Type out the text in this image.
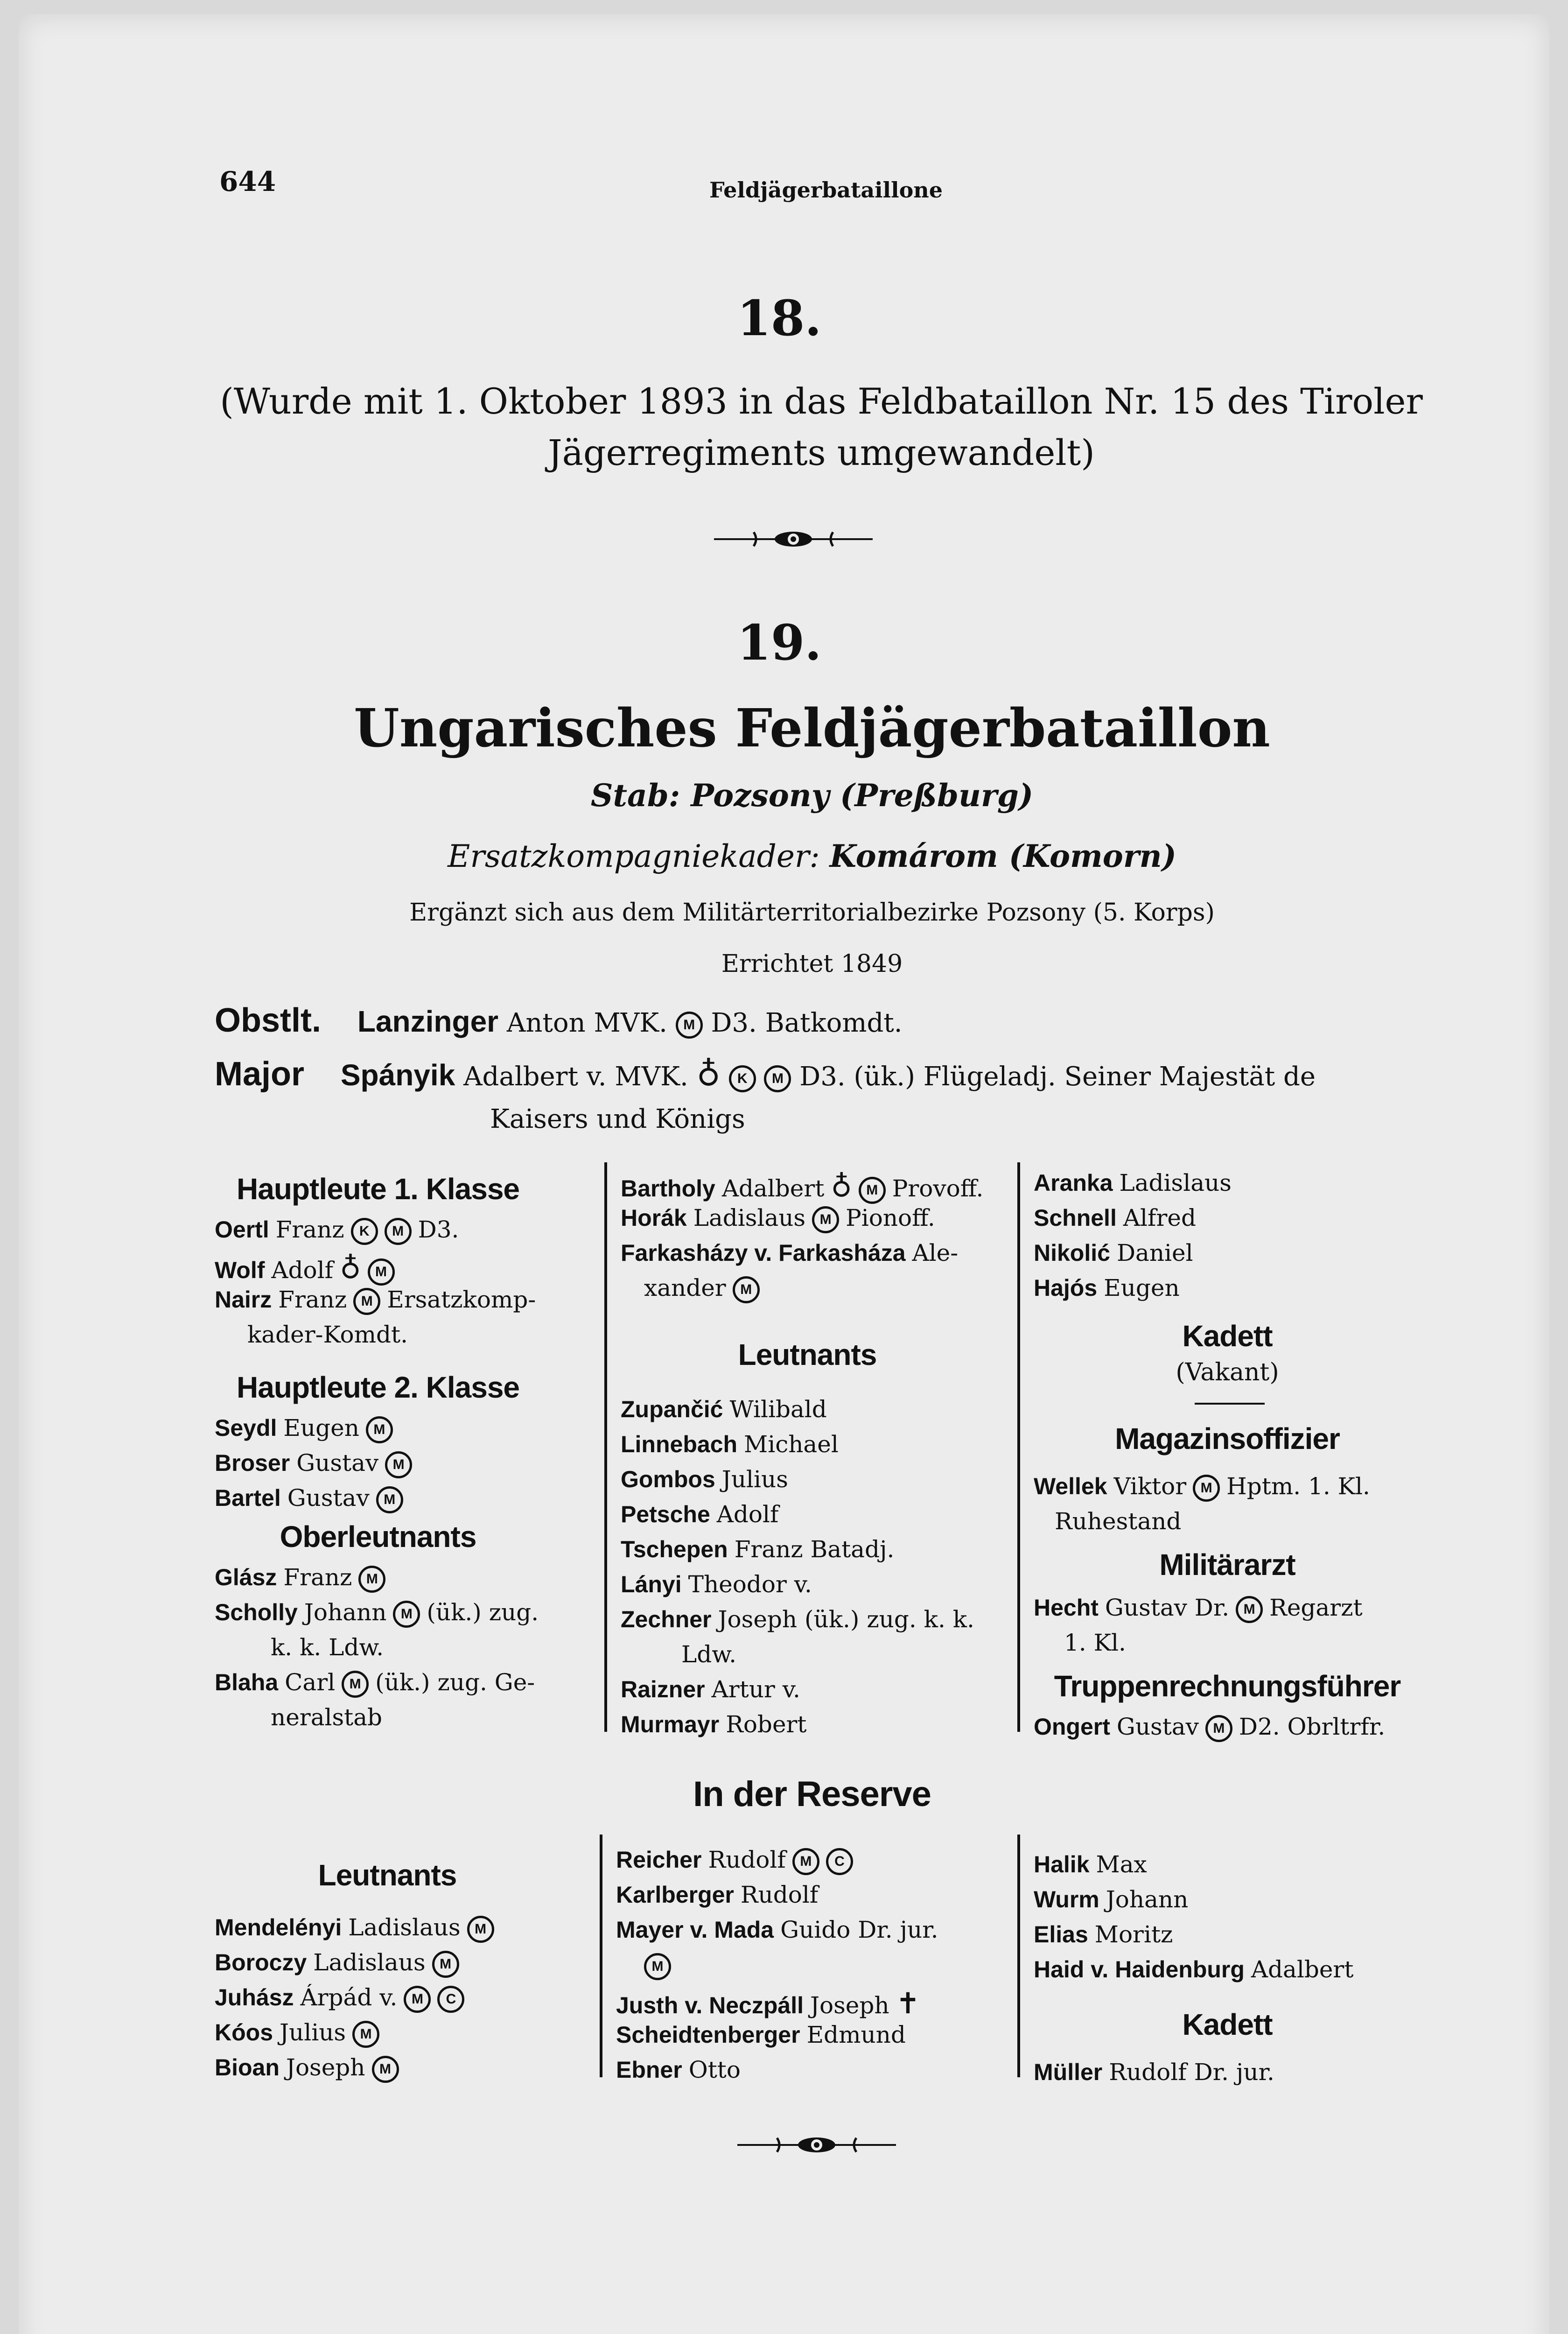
644	Feldjägerbataillone
18.
(Wurde mit 1. Oktober 1893 in das Feldbataillon Nr. 15 des Tiroler
Jägerregiments umgewandelt)
19.
Ungarisches Feldjägerbataillon
Stab: Pozsony (Preßburg)
Ersatzkompagniekader: Komárom (Komorn)
Ergänzt sich aus dem Militärterritorialbezirke Pozsony (5. Korps)
Errichtet 1849
Obstlt. Lanzinger Anton MVK. M D3. Batkomdt.
Major Spányik Adalbert v. MVK. ♁ K M D3. (ük.) Flügeladj. Seiner Majestät de
Kaisers und Königs
Hauptleute 1. Klasse
Oertl Franz K M D3.
Wolf Adolf ♁ M
Nairz Franz M Ersatzkomp-
kader-Komdt.
Hauptleute 2. Klasse
Seydl Eugen M
Broser Gustav M
Bartel Gustav M
Oberleutnants
Glász Franz M
Scholly Johann M (ük.) zug.
k. k. Ldw.
Blaha Carl M (ük.) zug. Ge-
neralstab
Bartholy Adalbert ♁ M Provoff.
Horák Ladislaus M Pionoff.
Farkasházy v. Farkasháza Ale-
xander M
Leutnants
Zupančić Wilibald
Linnebach Michael
Gombos Julius
Petsche Adolf
Tschepen Franz Batadj.
Lányi Theodor v.
Zechner Joseph (ük.) zug. k. k.
Ldw.
Raizner Artur v.
Murmayr Robert
Aranka Ladislaus
Schnell Alfred
Nikolić Daniel
Hajós Eugen
Kadett
(Vakant)
Magazinsoffizier
Wellek Viktor M Hptm. 1. Kl.
Ruhestand
Militärarzt
Hecht Gustav Dr. M Regarzt
1. Kl.
Truppenrechnungsführer
Ongert Gustav M D2. Obrltrfr.
Leutnants
Mendelényi Ladislaus M
Boroczy Ladislaus M
Juhász Árpád v. M C
Kóos Julius M
Bioan Joseph M
Reicher Rudolf M C
Karlberger Rudolf
Mayer v. Mada Guido Dr. jur.
M
Justh v. Neczpáll Joseph ✝
Scheidtenberger Edmund
Ebner Otto
Halik Max
Wurm Johann
Elias Moritz
Haid v. Haidenburg Adalbert
Kadett
Müller Rudolf Dr. jur.
In der Reserve
